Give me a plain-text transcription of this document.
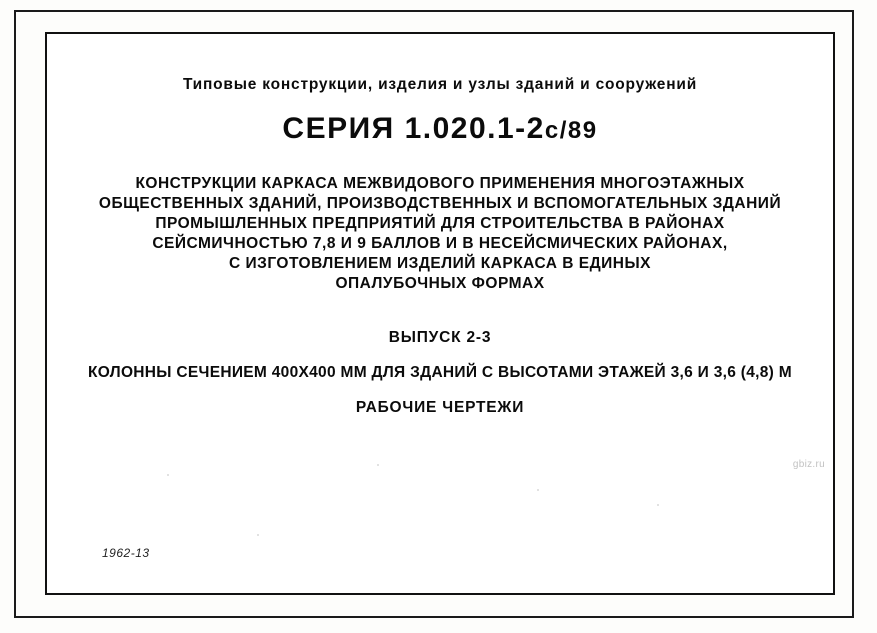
Типовые конструкции, изделия и узлы зданий и сооружений
СЕРИЯ 1.020.1-2с/89
КОНСТРУКЦИИ КАРКАСА МЕЖВИДОВОГО ПРИМЕНЕНИЯ МНОГОЭТАЖНЫХ
ОБЩЕСТВЕННЫХ ЗДАНИЙ, ПРОИЗВОДСТВЕННЫХ И ВСПОМОГАТЕЛЬНЫХ ЗДАНИЙ
ПРОМЫШЛЕННЫХ ПРЕДПРИЯТИЙ ДЛЯ СТРОИТЕЛЬСТВА В РАЙОНАХ
СЕЙСМИЧНОСТЬЮ 7,8 И 9 БАЛЛОВ И В НЕСЕЙСМИЧЕСКИХ РАЙОНАХ,
С ИЗГОТОВЛЕНИЕМ ИЗДЕЛИЙ КАРКАСА В ЕДИНЫХ
ОПАЛУБОЧНЫХ ФОРМАХ
ВЫПУСК 2-3
КОЛОННЫ СЕЧЕНИЕМ 400Х400 ММ ДЛЯ ЗДАНИЙ С ВЫСОТАМИ ЭТАЖЕЙ 3,6 И 3,6 (4,8) М
РАБОЧИЕ ЧЕРТЕЖИ
1962-13
gbiz.ru
